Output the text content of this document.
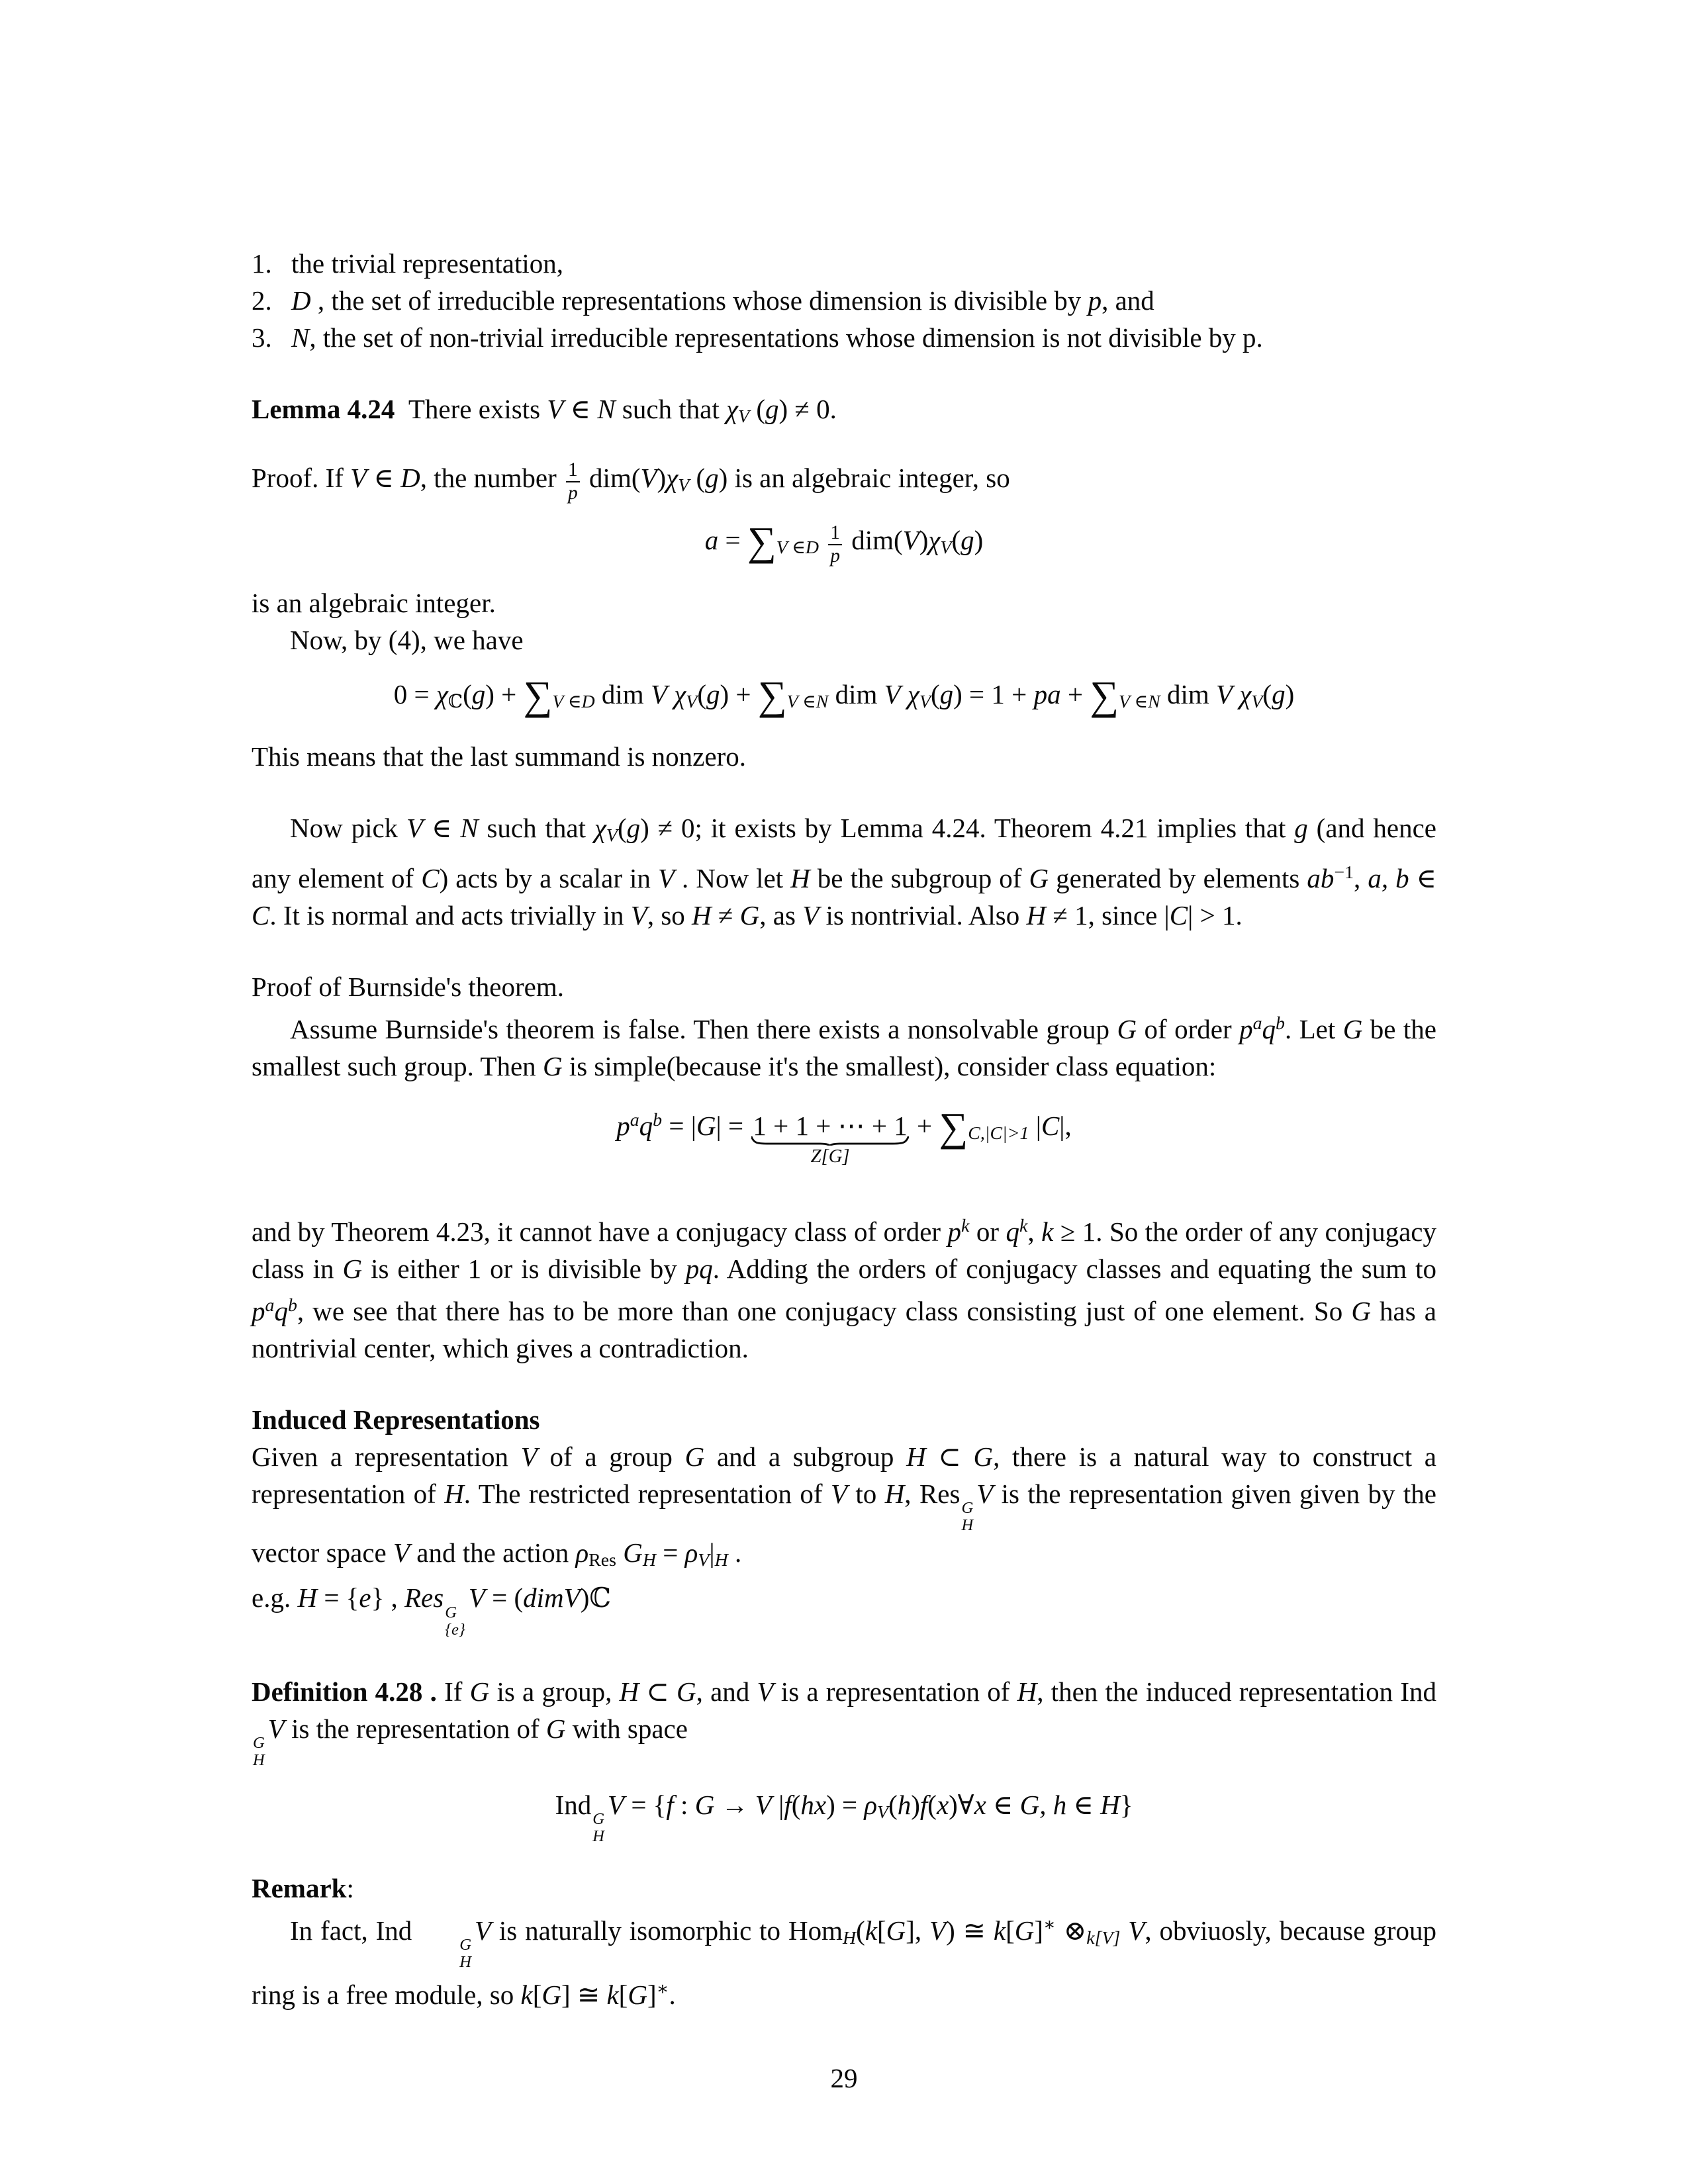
1. the trivial representation,
2. D , the set of irreducible representations whose dimension is divisible by p, and
3. N, the set of non-trivial irreducible representations whose dimension is not divisible by p.
Lemma 4.24 There exists V ∈ N such that χV (g) ≠ 0.
Proof. If V ∈ D, the number $\frac{1}{p} dim(V)\chi V$ (g) is an algebraic integer, so
a = ∑V ∈D $\frac{1}{p} dim(V)\chi V(g)$
is an algebraic integer.
Now, by (4), we have
$0 = \chi_ℂ(g) + \sum V$ ∈D dim V χV(g) + ∑V ∈N dim V χV(g) = 1 + pa + ∑V ∈N dim V χV(g)
This means that the last summand is nonzero.
Now pick V ∈ N such that χV(g) ≠ 0; it exists by Lemma 4.24. Theorem 4.21 implies that g (and hence any element of C) acts by a scalar in V . Now let H be the subgroup of G generated by elements $ab^{-1}$, a, b ∈ C. It is normal and acts trivially in V, so H ≠ G, as V is nontrivial. Also H ≠ 1, since |C| > 1.
Proof of Burnside's theorem.
Assume Burnside's theorem is false. Then there exists a nonsolvable group G of order $p^aq^b$. Let G be the smallest such group. Then G is simple(because it's the smallest), consider class equation:
$p^aq^b = |G| = 1 + 1$ + ⋯ + 1
Z[G]
+ ∑C,|C|>1 |C|,
and by Theorem 4.23, it cannot have a conjugacy class of order $p^k$ or $q^k$, k ≥ 1. So the order of any conjugacy class in G is either 1 or is divisible by pq. Adding the orders of conjugacy classes and equating the sum to $p^aq^b$, we see that there has to be more than one conjugacy class consisting just of one element. So G has a nontrivial center, which gives a contradiction.
Induced Representations
Given a representation V of a group G and a subgroup H ⊂ G, there is a natural way to construct a representation of H. The restricted representation of V to H, Res G
H
V is the representation given given by the vector space V and the action $\rho_{Res}$ GH = ρV|H .
e.g. H = {e} , Res G
{e}
V = (dimV)ℂ
Definition 4.28 . If G is a group, H ⊂ G, and V is a representation of H, then the induced representation Ind
G
H
V is the representation of G with space
Ind G
H
V = {f : G → V |f(hx) = ρV(h)f(x)∀x ∈ G, h ∈ H}
Remark:
In fact, Ind	G
H
V is naturally isomorphic to HomH(k[G], V) ≅ k[G]∗ ⊗k[V] V, obviuosly, because group ring is a free module, so k[G] ≅ k[G]∗.
29
